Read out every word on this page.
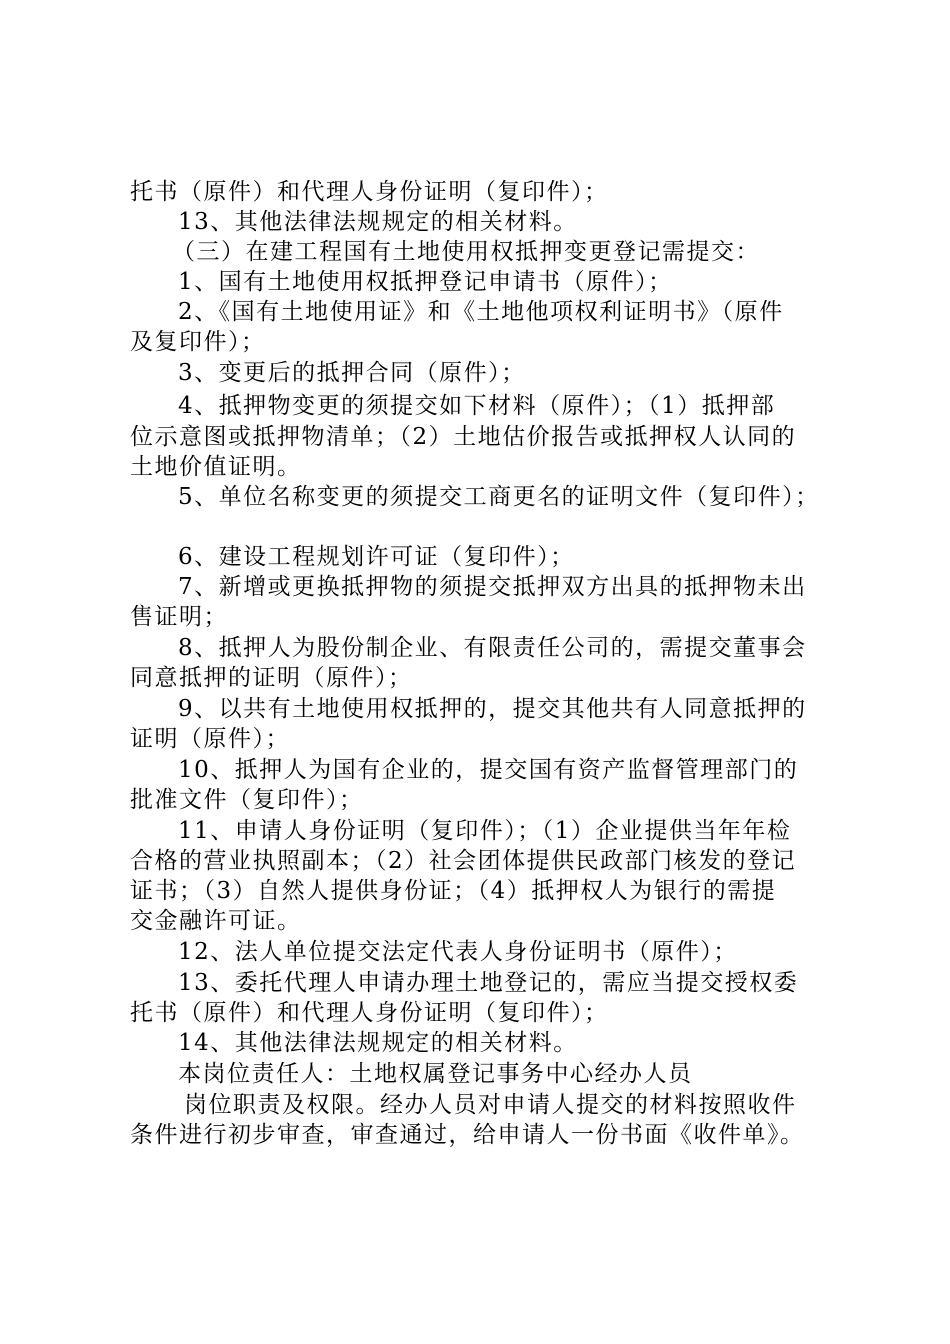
托书（原件）和代理人身份证明（复印件）；
13、其他法律法规规定的相关材料。
（三）在建工程国有土地使用权抵押变更登记需提交：
1、国有土地使用权抵押登记申请书（原件）；
2、《国有土地使用证》和《土地他项权利证明书》（原件
及复印件）；
3、变更后的抵押合同（原件）；
4、抵押物变更的须提交如下材料（原件）；（1）抵押部
位示意图或抵押物清单；（2）土地估价报告或抵押权人认同的
土地价值证明。
5、单位名称变更的须提交工商更名的证明文件（复印件）；
6、建设工程规划许可证（复印件）；
7、新增或更换抵押物的须提交抵押双方出具的抵押物未出
售证明；
8、抵押人为股份制企业、有限责任公司的，需提交董事会
同意抵押的证明（原件）；
9、以共有土地使用权抵押的，提交其他共有人同意抵押的
证明（原件）；
10、抵押人为国有企业的，提交国有资产监督管理部门的
批准文件（复印件）；
11、申请人身份证明（复印件）；（1）企业提供当年年检
合格的营业执照副本；（2）社会团体提供民政部门核发的登记
证书；（3）自然人提供身份证；（4）抵押权人为银行的需提
交金融许可证。
12、法人单位提交法定代表人身份证明书（原件）；
13、委托代理人申请办理土地登记的，需应当提交授权委
托书（原件）和代理人身份证明（复印件）；
14、其他法律法规规定的相关材料。
本岗位责任人：土地权属登记事务中心经办人员
岗位职责及权限。经办人员对申请人提交的材料按照收件
条件进行初步审查，审查通过，给申请人一份书面《收件单》。
